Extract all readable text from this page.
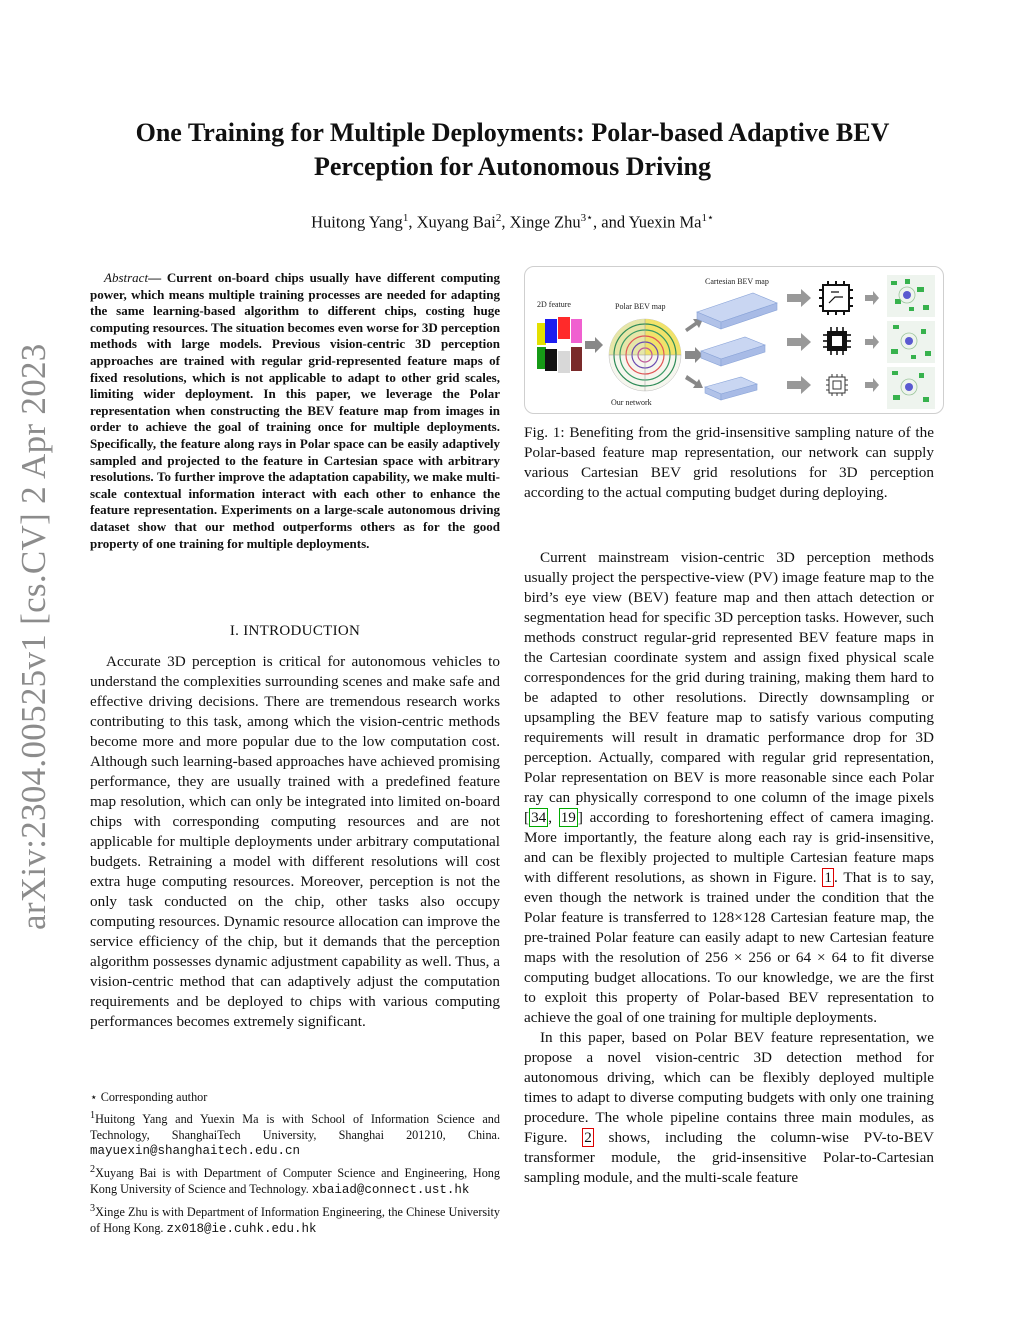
arXiv:2304.00525v1 [cs.CV] 2 Apr 2023
One Training for Multiple Deployments: Polar-based Adaptive BEV Perception for Autonomous Driving
Huitong Yang$^1$, Xuyang Bai$^2$, Xinge Zhu$^{3⋆}$, and Yuexin $Ma^{1⋆}$
Abstract— Current on-board chips usually have different computing power, which means multiple training processes are needed for adapting the same learning-based algorithm to different chips, costing huge computing resources. The situation becomes even worse for 3D perception methods with large models. Previous vision-centric 3D perception approaches are trained with regular grid-represented feature maps of fixed resolutions, which is not applicable to adapt to other grid scales, limiting wider deployment. In this paper, we leverage the Polar representation when constructing the BEV feature map from images in order to achieve the goal of training once for multiple deployments. Specifically, the feature along rays in Polar space can be easily adaptively sampled and projected to the feature in Cartesian space with arbitrary resolutions. To further improve the adaptation capability, we make multi-scale contextual information interact with each other to enhance the feature representation. Experiments on a large-scale autonomous driving dataset show that our method outperforms others as for the good property of one training for multiple deployments.
I. INTRODUCTION

Accurate 3D perception is critical for autonomous vehicles to understand the complexities surrounding scenes and make safe and effective driving decisions. There are tremendous research works contributing to this task, among which the vision-centric methods become more and more popular due to the low computation cost. Although such learning-based approaches have achieved promising performance, they are usually trained with a predefined feature map resolution, which can only be integrated into limited on-board chips with corresponding computing resources and are not applicable for multiple deployments under arbitrary computational budgets. Retraining a model with different resolutions will cost extra huge computing resources. Moreover, perception is not the only task conducted on the chip, other tasks also occupy computing resources. Dynamic resource allocation can improve the service efficiency of the chip, but it demands that the perception algorithm possesses dynamic adjustment capability as well. Thus, a vision-centric method that can adaptively adjust the computation requirements and be deployed to chips with various computing performances becomes extremely significant.

⋆ Corresponding author

$^1$Huitong Yang and Yuexin Ma is with School of Information Science and Technology, ShanghaiTech University, Shanghai 201210, China. mayuexin@shanghaitech.edu.cn

$^2$Xuyang Bai is with Department of Computer Science and Engineering, Hong Kong University of Science and Technology. xbaiad@connect.ust.hk

$^3$Xinge Zhu is with Department of Information Engineering, the Chinese University of Hong Kong. zx018@ie.cuhk.edu.hk

2D feature	Polar BEV map
Cartesian BEV map
Our network
Fig. 1: Benefiting from the grid-insensitive sampling nature of the Polar-based feature map representation, our network can supply various Cartesian BEV grid resolutions for 3D perception according to the actual computing budget during deploying.

Current mainstream vision-centric 3D perception methods usually project the perspective-view (PV) image feature map to the bird’s eye view (BEV) feature map and then attach detection or segmentation head for specific 3D perception tasks. However, such methods construct regular-grid represented BEV feature maps in the Cartesian coordinate system and assign fixed physical scale correspondences for the grid during training, making them hard to be adapted to other resolutions. Directly downsampling or upsampling the BEV feature map to satisfy various computing requirements will result in dramatic performance drop for 3D perception. Actually, compared with regular grid representation, Polar representation on BEV is more reasonable since each Polar ray can physically correspond to one column of the image pixels [ 34 , 19 ] according to foreshortening effect of camera imaging. More importantly, the feature along each ray is grid-insensitive, and can be flexibly projected to multiple Cartesian feature maps with different resolutions, as shown in Figure. 1 . That is to say, even though the network is trained under the condition that the Polar feature is transferred to 128×128 Cartesian feature map, the pre-trained Polar feature can easily adapt to new Cartesian feature maps with the resolution of 256 × 256 or 64 × 64 to fit diverse computing budget allocations. To our knowledge, we are the first to exploit this property of Polar-based BEV representation to achieve the goal of one training for multiple deployments.

In this paper, based on Polar BEV feature representation, we propose a novel vision-centric 3D detection method for autonomous driving, which can be flexibly deployed multiple times to adapt to diverse computing budgets with only one training procedure. The whole pipeline contains three main modules, as Figure. 2 shows, including the column-wise PV-to-BEV transformer module, the grid-insensitive Polar-to-Cartesian sampling module, and the multi-scale feature
